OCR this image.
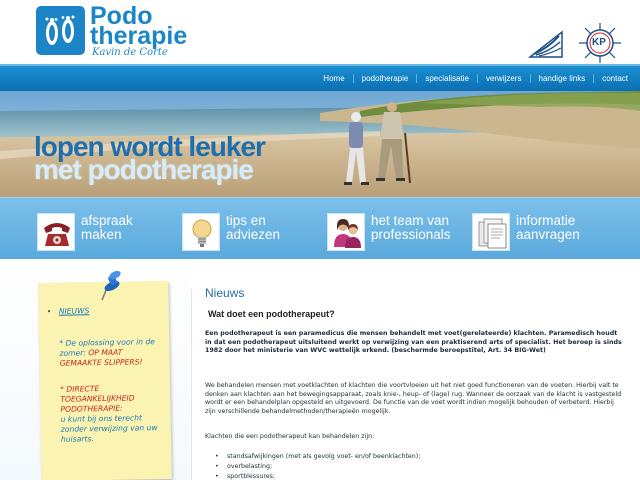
Podo
therapie
Kavin de Corte
KP
Home	podotherapie	specialisatie	verwijzers	handige links	contact
lopen wordt leuker
met podotherapie
afspraak
maken
tips en
adviezen
het team van
professionals
informatie
aanvragen
• NIEUWS
* De oplossing voor in de zomer: OP MAAT GEMAAKTE SLIPPERS!
* DIRECTE TOEGANKELIJKHEID PODOTHERAPIE:
u kunt bij ons terecht zonder verwijzing van uw huisarts.
Nieuws
Wat doet een podotherapeut?

Een podotherapeut is een paramedicus die mensen behandelt met voet(gerelateerde) klachten. Paramedisch houdt in dat een podotherapeut uitsluitend werkt op verwijzing van een praktiserend arts of specialist. Het beroep is sinds 1982 door het ministerie van WVC wettelijk erkend. (beschermde beroepstitel, Art. 34 BIG-Wet)

We behandelen mensen met voetklachten of klachten die voortvloeien uit het niet goed functioneren van de voeten. Hierbij valt te denken aan klachten aan het bewegingsapparaat, zoals knie-, heup- of (lage) rug. Wanneer de oorzaak van de klacht is vastgesteld wordt er een behandelplan opgesteld en uitgevoerd. De functie van de voet wordt indien mogelijk behouden of verbeterd. Hierbij zijn verschillende behandelmethoden/therapieën mogelijk.

Klachten die een podotherapeut kan behandelen zijn:

• standsafwijkingen (met als gevolg voet- en/of beenklachten);
• overbelasting;
• sportblessures;
